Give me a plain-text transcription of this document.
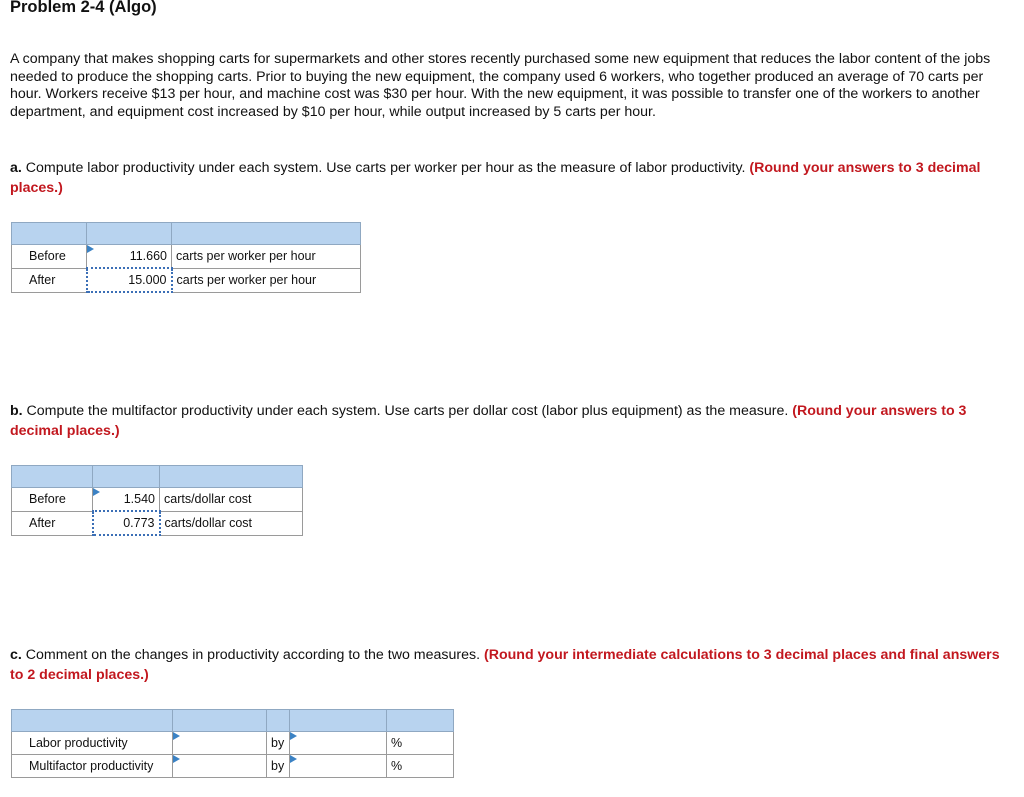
Problem 2-4 (Algo)
A company that makes shopping carts for supermarkets and other stores recently purchased some new equipment that reduces the labor content of the jobs needed to produce the shopping carts. Prior to buying the new equipment, the company used 6 workers, who together produced an average of 70 carts per hour. Workers receive $13 per hour, and machine cost was $30 per hour. With the new equipment, it was possible to transfer one of the workers to another department, and equipment cost increased by $10 per hour, while output increased by 5 carts per hour.
a. Compute labor productivity under each system. Use carts per worker per hour as the measure of labor productivity. (Round your answers to 3 decimal places.)

Before	11.660	carts per worker per hour
After	15.000	carts per worker per hour
b. Compute the multifactor productivity under each system. Use carts per dollar cost (labor plus equipment) as the measure. (Round your answers to 3 decimal places.)

Before	1.540	carts/dollar cost
After	0.773	carts/dollar cost
c. Comment on the changes in productivity according to the two measures. (Round your intermediate calculations to 3 decimal places and final answers to 2 decimal places.)

Labor productivity		by		%
Multifactor productivity		by		%
